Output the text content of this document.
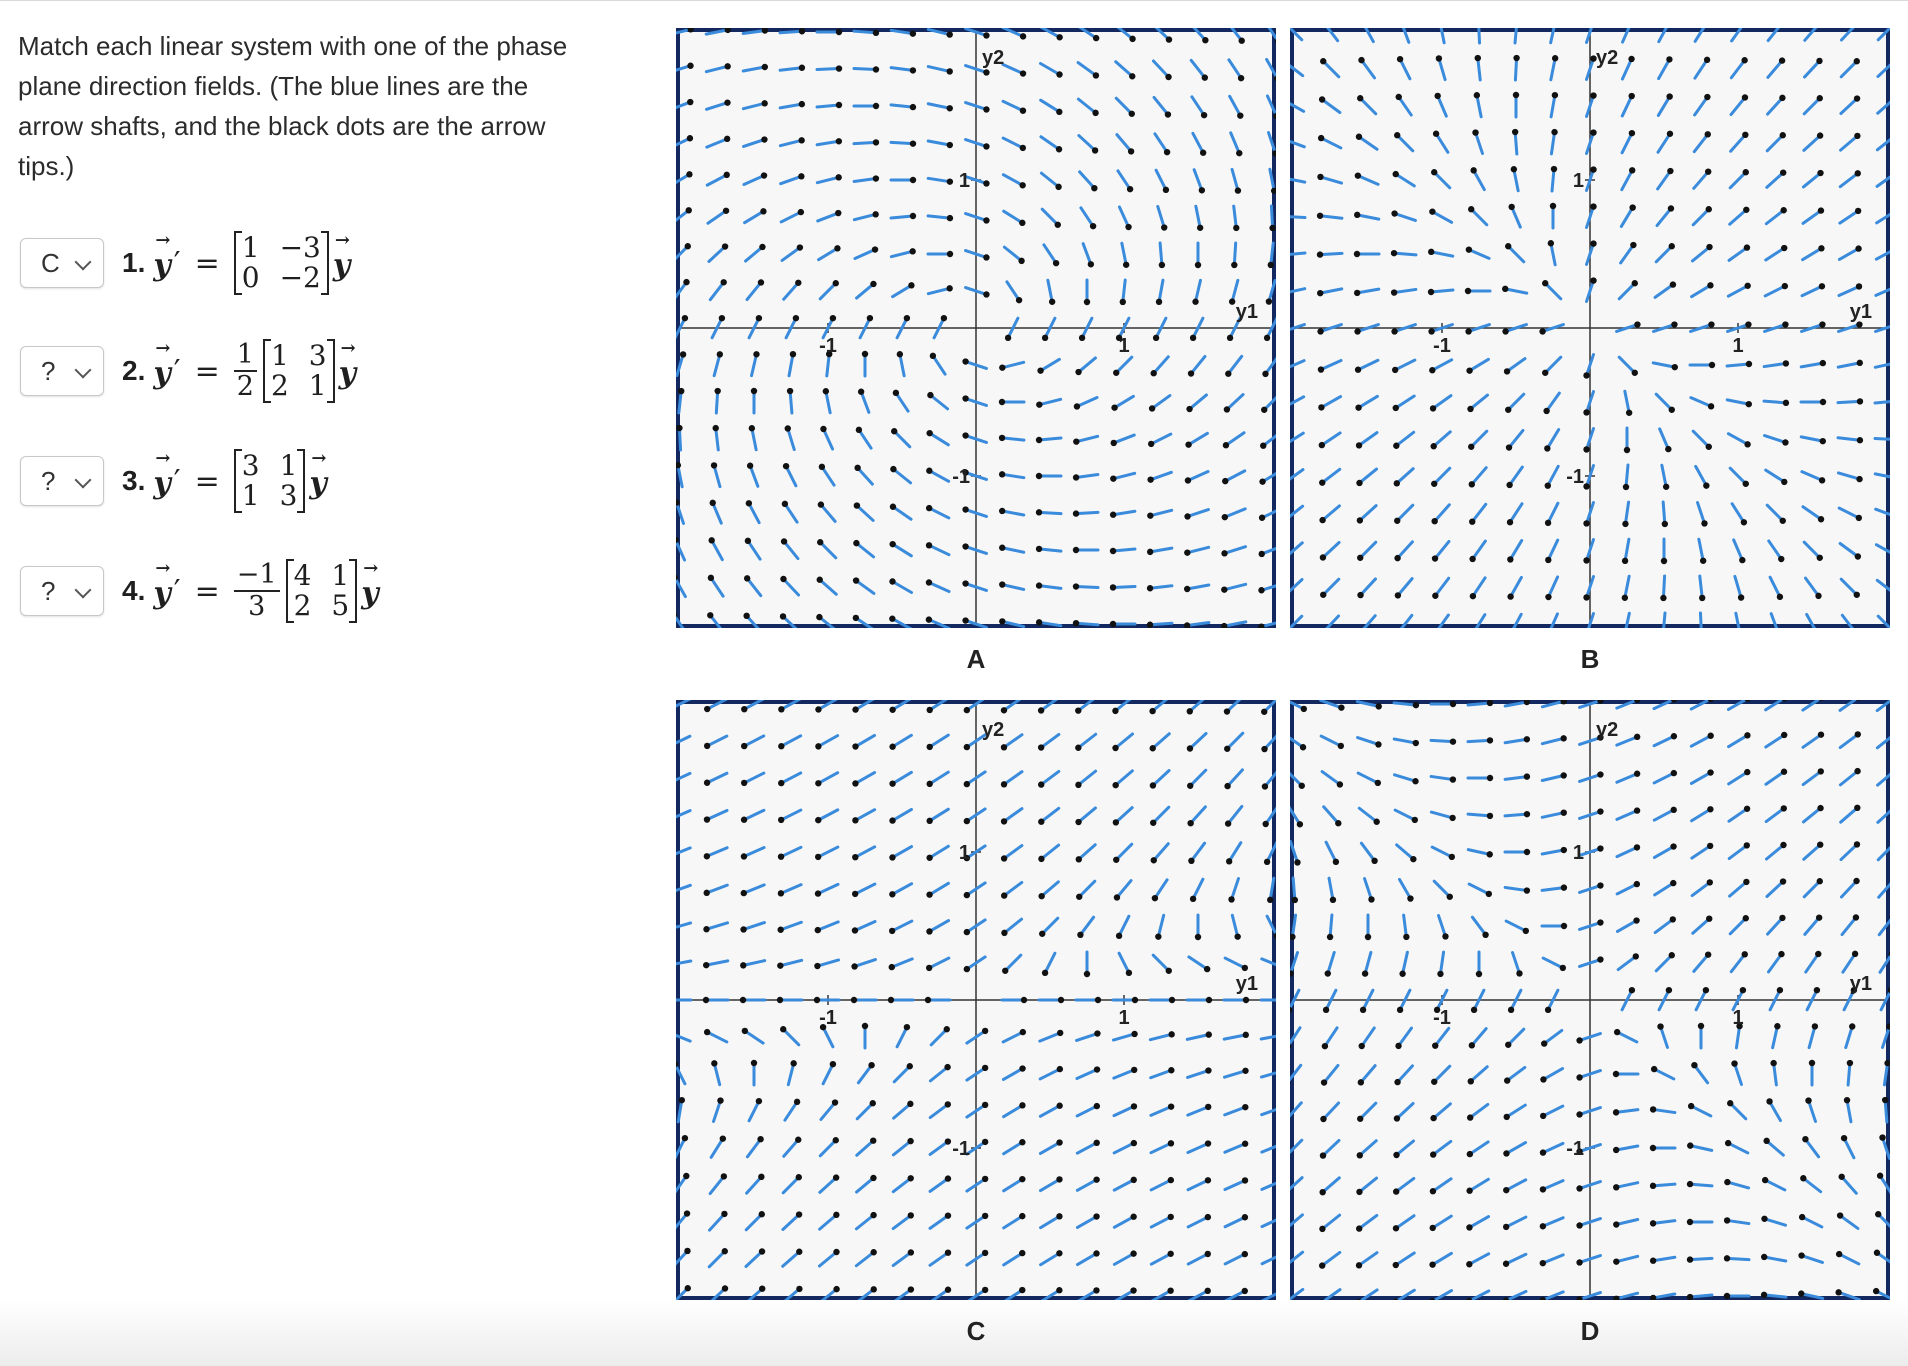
Match each linear system with one of the phase plane direction fields. (The blue lines are the arrow shafts, and the black dots are the arrow tips.)
C 1. → y ′ = 1 −3
0 −2 → y
? 2. → y ′ = $\frac{1}{2} 1$ 3
2 1 → y
? 3. → y ′ = 3 1
1 3 → y
? 4. → y ′ = $\frac{-1}{3} 4$ 1
2 5 → y
y2
y1
-1	1
1
-1
A
y2
y1
-1	1
1
-1
B
y2
y1
-1	1
1
-1
C
y2
y1
-1	1
1
-1
D
